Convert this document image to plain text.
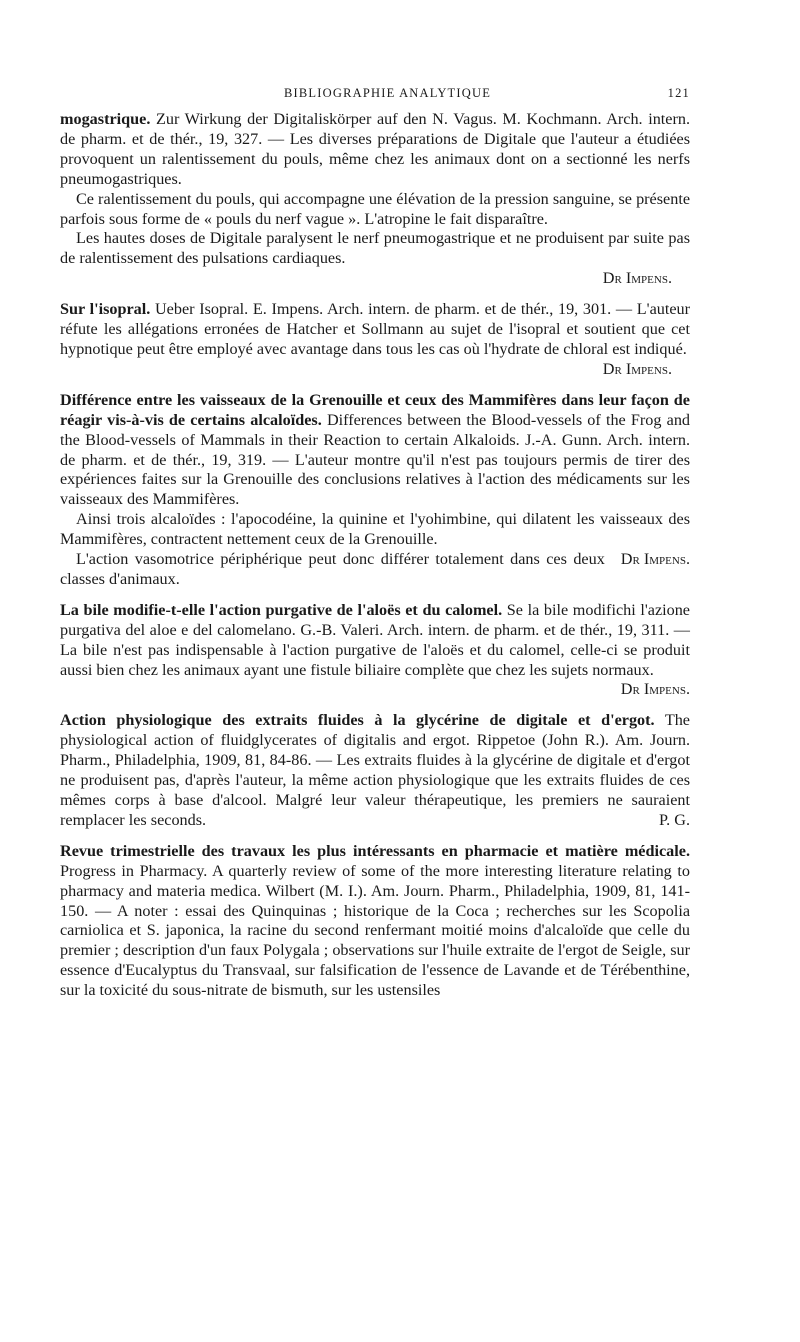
BIBLIOGRAPHIE ANALYTIQUE	121

mogastrique. Zur Wirkung der Digitaliskörper auf den N. Vagus. M. Kochmann. Arch. intern. de pharm. et de thér., 19, 327. — Les diverses préparations de Digitale que l'auteur a étudiées provoquent un ralentissement du pouls, même chez les animaux dont on a sectionné les nerfs pneumogastriques.

Ce ralentissement du pouls, qui accompagne une élévation de la pression sanguine, se présente parfois sous forme de « pouls du nerf vague ». L'atropine le fait disparaître.

Les hautes doses de Digitale paralysent le nerf pneumogastrique et ne produisent par suite pas de ralentissement des pulsations cardiaques.

Dr Impens.

Sur l'isopral. Ueber Isopral. E. Impens. Arch. intern. de pharm. et de thér., 19, 301. — L'auteur réfute les allégations erronées de Hatcher et Sollmann au sujet de l'isopral et soutient que cet hypnotique peut être employé avec avantage dans tous les cas où l'hydrate de chloral est indiqué.

Dr Impens.

Différence entre les vaisseaux de la Grenouille et ceux des Mammifères dans leur façon de réagir vis-à-vis de certains alcaloïdes. Differences between the Blood-vessels of the Frog and the Blood-vessels of Mammals in their Reaction to certain Alkaloids. J.-A. Gunn. Arch. intern. de pharm. et de thér., 19, 319. — L'auteur montre qu'il n'est pas toujours permis de tirer des expériences faites sur la Grenouille des conclusions relatives à l'action des médicaments sur les vaisseaux des Mammifères.

Ainsi trois alcaloïdes : l'apocodéine, la quinine et l'yohimbine, qui dilatent les vaisseaux des Mammifères, contractent nettement ceux de la Grenouille.

Dr Impens.
L'action vasomotrice périphérique peut donc différer totalement dans ces deux classes d'animaux.

La bile modifie-t-elle l'action purgative de l'aloës et du calomel. Se la bile modifichi l'azione purgativa del aloe e del calomelano. G.-B. Valeri. Arch. intern. de pharm. et de thér., 19, 311. — La bile n'est pas indispensable à l'action purgative de l'aloës et du calomel, celle-ci se produit aussi bien chez les animaux ayant une fistule biliaire complète que chez les sujets normaux.
Dr Impens.

Action physiologique des extraits fluides à la glycérine de digitale et d'ergot. The physiological action of fluidglycerates of digitalis and ergot. Rippetoe (John R.). Am. Journ. Pharm., Philadelphia, 1909, 81, 84-86. — Les extraits fluides à la glycérine de digitale et d'ergot ne produisent pas, d'après l'auteur, la même action physiologique que les extraits fluides de ces mêmes corps à base d'alcool. Malgré leur valeur thérapeutique, les premiers ne sauraient remplacer les seconds.	P. G.

Revue trimestrielle des travaux les plus intéressants en pharmacie et matière médicale. Progress in Pharmacy. A quarterly review of some of the more interesting literature relating to pharmacy and materia medica. Wilbert (M. I.). Am. Journ. Pharm., Philadelphia, 1909, 81, 141-150. — A noter : essai des Quinquinas ; historique de la Coca ; recherches sur les Scopolia carniolica et S. japonica, la racine du second renfermant moitié moins d'alcaloïde que celle du premier ; description d'un faux Polygala ; observations sur l'huile extraite de l'ergot de Seigle, sur essence d'Eucalyptus du Transvaal, sur falsification de l'essence de Lavande et de Térébenthine, sur la toxicité du sous-nitrate de bismuth, sur les ustensiles
